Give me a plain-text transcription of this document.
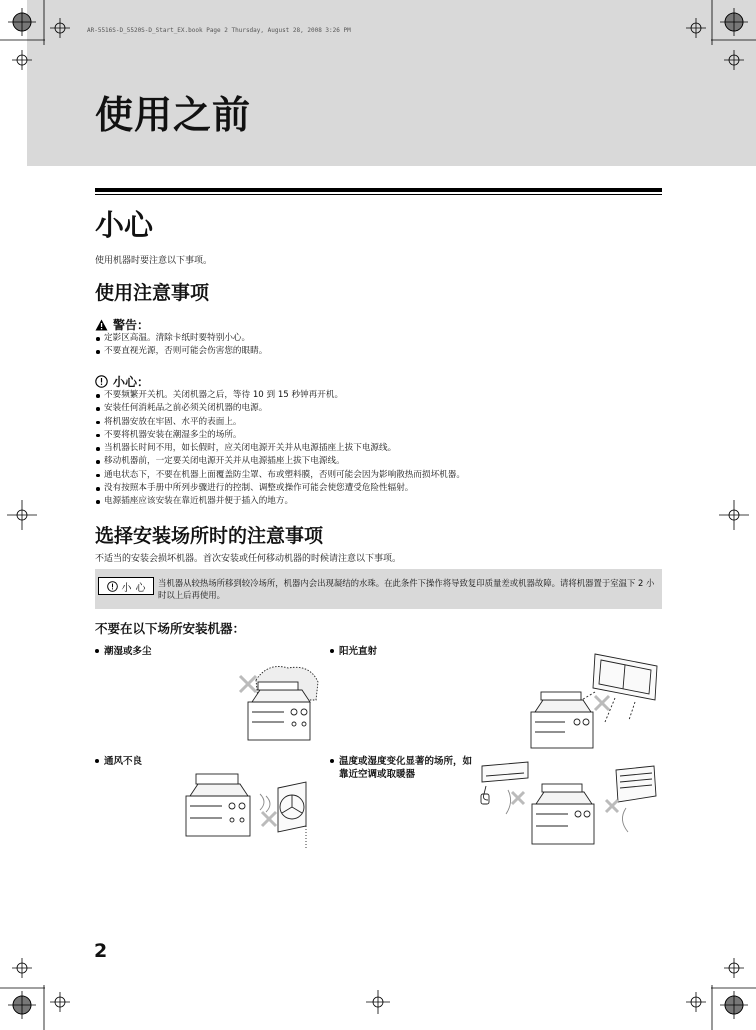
AR-5516S-D_5520S-D_Start_EX.book Page 2 Thursday, August 28, 2008 3:26 PM
使用之前
小心
使用机器时要注意以下事项。
使用注意事项
警告：
定影区高温。清除卡纸时要特别小心。
不要直视光源，否则可能会伤害您的眼睛。
小心：
不要频繁开关机。关闭机器之后，等待 10 到 15 秒钟再开机。
安装任何消耗品之前必须关闭机器的电源。
将机器安放在牢固、水平的表面上。
不要将机器安装在潮湿多尘的场所。
当机器长时间不用，如长假时，应关闭电源开关并从电源插座上拔下电源线。
移动机器前，一定要关闭电源开关并从电源插座上拔下电源线。
通电状态下，不要在机器上面覆盖防尘罩、布或塑料膜，否则可能会因为影响散热而损坏机器。
没有按照本手册中所列步骤进行的控制、调整或操作可能会使您遭受危险性辐射。
电源插座应该安装在靠近机器并便于插入的地方。
选择安装场所时的注意事项
不适当的安装会损坏机器。首次安装或任何移动机器的时候请注意以下事项。
小 心 当机器从较热场所移到较冷场所，机器内会出现凝结的水珠。在此条件下操作将导致复印质量差或机器故障。请将机器置于室温下 2 小时以上后再使用。
不要在以下场所安装机器：
潮湿或多尘	阳光直射
通风不良	温度或湿度变化显著的场所，如靠近空调或取暖器
2
